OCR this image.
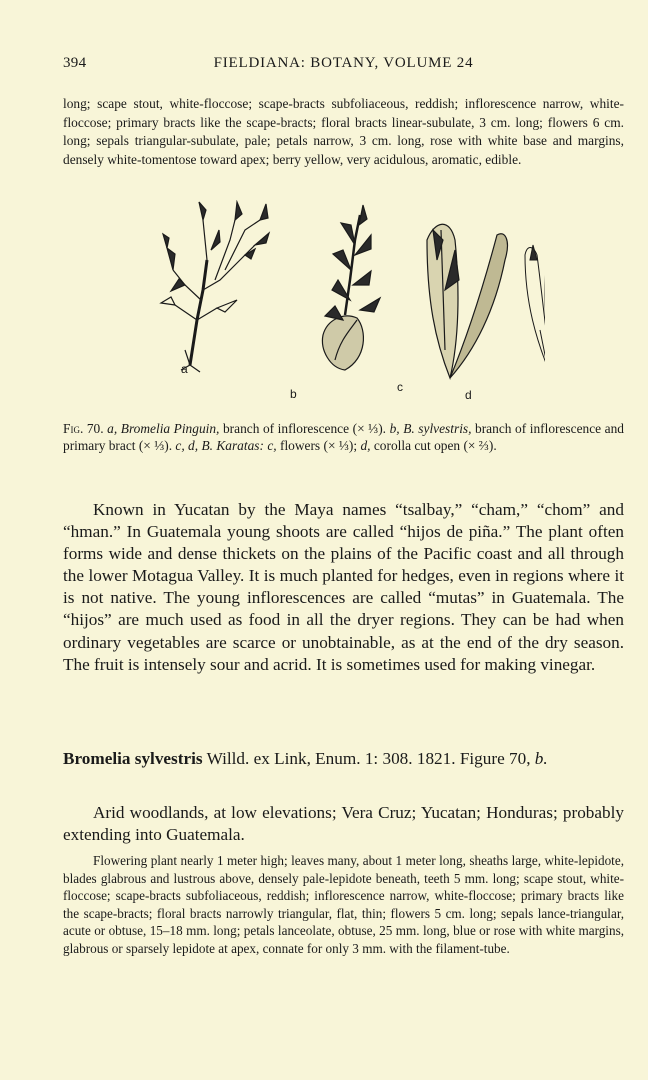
394	FIELDIANA: BOTANY, VOLUME 24

long; scape stout, white-floccose; scape-bracts subfoliaceous, reddish; inflorescence narrow, white-floccose; primary bracts like the scape-bracts; floral bracts linear-subulate, 3 cm. long; flowers 6 cm. long; sepals triangular-subulate, pale; petals narrow, 3 cm. long, rose with white base and margins, densely white-tomentose toward apex; berry yellow, very acidulous, aromatic, edible.

a
b	c
d

Fig. 70. a, Bromelia Pinguin, branch of inflorescence (× ⅓). b, B. sylvestris, branch of inflorescence and primary bract (× ⅓). c, d, B. Karatas: c, flowers (× ⅓); d, corolla cut open (× ⅔).

Known in Yucatan by the Maya names “tsalbay,” “cham,” “chom” and “hman.” In Guatemala young shoots are called “hijos de piña.” The plant often forms wide and dense thickets on the plains of the Pacific coast and all through the lower Motagua Valley. It is much planted for hedges, even in regions where it is not native. The young inflorescences are called “mutas” in Guatemala. The “hijos” are much used as food in all the dryer regions. They can be had when ordinary vegetables are scarce or unobtainable, as at the end of the dry season. The fruit is intensely sour and acrid. It is sometimes used for making vinegar.

Bromelia sylvestris Willd. ex Link, Enum. 1: 308. 1821. Figure 70, b.

Arid woodlands, at low elevations; Vera Cruz; Yucatan; Honduras; probably extending into Guatemala.

Flowering plant nearly 1 meter high; leaves many, about 1 meter long, sheaths large, white-lepidote, blades glabrous and lustrous above, densely pale-lepidote beneath, teeth 5 mm. long; scape stout, white-floccose; scape-bracts subfoliaceous, reddish; inflorescence narrow, white-floccose; primary bracts like the scape-bracts; floral bracts narrowly triangular, flat, thin; flowers 5 cm. long; sepals lance-triangular, acute or obtuse, 15–18 mm. long; petals lanceolate, obtuse, 25 mm. long, blue or rose with white margins, glabrous or sparsely lepidote at apex, connate for only 3 mm. with the filament-tube.
